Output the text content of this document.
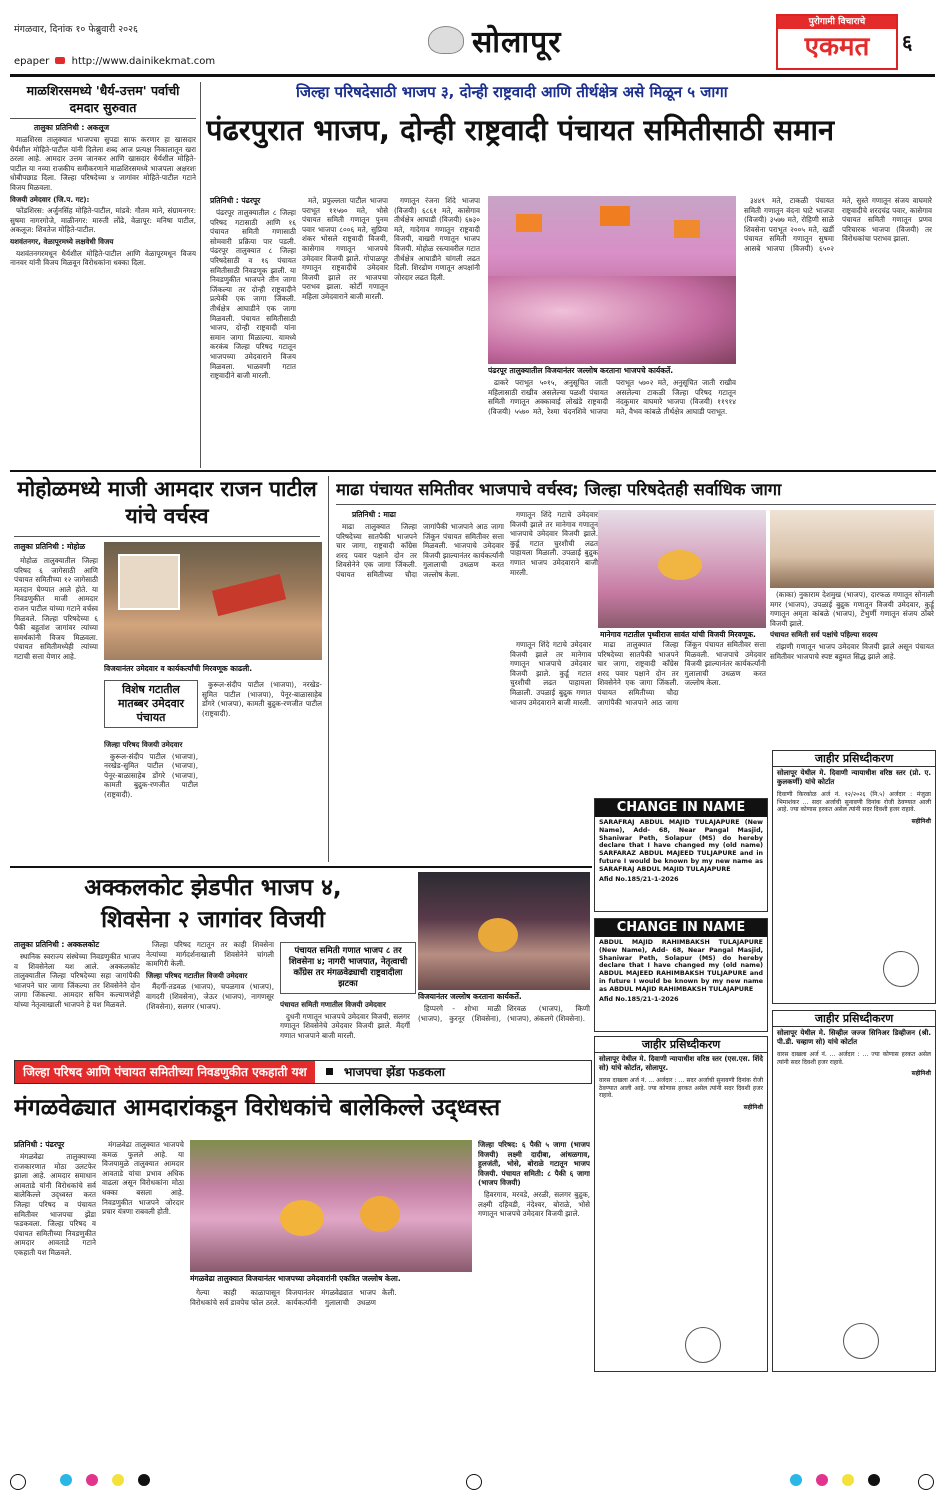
मंगळवार, दिनांक १० फेब्रुवारी २०२६	सोलापूर
पुरोगामी विचाराचे
एकमत	६
epaper http://www.dainikekmat.com
जिल्हा परिषदेसाठी भाजप ३, दोन्ही राष्ट्रवादी आणि तीर्थक्षेत्र असे मिळून ५ जागा
पंढरपुरात भाजप, दोन्ही राष्ट्रवादी पंचायत समितीसाठी समान
माळशिरसमध्ये 'धैर्य-उत्तम' पर्वाची दमदार सुरुवात
तालुका प्रतिनिधी : अकलूज

माळशिरस तालुक्यात भाजपचा सुपडा साफ करणार हा खासदार धैर्यशील मोहिते-पाटील यांनी दिलेला शब्द आज प्रत्यक्ष निकालातून खरा ठरला आहे. आमदार उत्तम जानकर आणि खासदार धैर्यशील मोहिते-पाटील या नव्या राजकीय समीकरणाने माळशिरसमध्ये भाजपला अक्षरशः धोबीपछाड दिला. जिल्हा परिषदेच्या ४ जागांवर मोहिते-पाटील गटाने विजय मिळवला.

विजयी उमेदवार (जि.प. गट):

फोंडशिरस: अर्जुनसिंह मोहिते-पाटील, मांडवे: गौतम माने, संग्रामनगर: सुषमा नागरगोजे, माळीनगर: मारुती लोंढे, वेळापूर: मनिषा पाटील, अकलूज: शिवतेज मोहिते-पाटील.

यशवंतनगर, वेळापूरमध्ये लक्षवेधी विजय

यशवंतनगरमधून धैर्यशील मोहिते-पाटील आणि वेळापूरमधून विजय नानवर यांनी विजय मिळवून विरोधकांना धक्का दिला.

प्रतिनिधी : पंढरपूर

पंढरपूर तालुक्यातील ८ जिल्हा परिषद गटासाठी आणि १६ पंचायत समिती गणासाठी सोमवारी प्रक्रिया पार पडली. पंढरपूर तालुक्यात ८ जिल्हा परिषदेसाठी व १६ पंचायत समितीसाठी निवडणूक झाली. या निवडणुकीत भाजपने तीन जागा जिंकल्या तर दोन्ही राष्ट्रवादीने प्रत्येकी एक जागा जिंकली. तीर्थक्षेत्र आघाडीने एक जागा मिळवली. पंचायत समितीसाठी भाजप, दोन्ही राष्ट्रवादी यांना समान जागा मिळाल्या. यामध्ये करकंब जिल्हा परिषद गटातून भाजपच्या उमेदवाराने विजय मिळवला. भाळवणी गटात राष्ट्रवादीने बाजी मारली.

मते, प्रफुल्लता पाटील भाजपा पराभूत ११५७० मते, भोसे पंचायत समिती गणातून पुनम पवार भाजपा ८००६ मते, सुप्रिया शंकर भोसले राष्ट्रवादी विजयी, कासेगाव गणातून भाजपचे उमेदवार विजयी झाले. गोपाळपूर गणातून राष्ट्रवादीचे उमेदवार विजयी झाले तर भाजपचा पराभव झाला. कोर्टी गणातून महिला उमेदवाराने बाजी मारली.

गणातून रंजना शिंदे भाजपा (विजयी) ६८६१ मते, कासेगाव तीर्थक्षेत्र आघाडी (विजयी) ६७३० मते, गादेगाव गणातून राष्ट्रवादी विजयी, वाखरी गणातून भाजप विजयी. मोहोळ रस्त्यावरील गटात तीर्थक्षेत्र आघाडीने चांगली लढत दिली. शिरढोण गणातून अपक्षांनी जोरदार लढत दिली.

पंढरपूर तालुक्यातील विजयानंतर जल्लोष करताना भाजपचे कार्यकर्ते.

ढाकरे पराभूत ५०१५, अनुसूचित जाती महिलासाठी राखीव असलेल्या पळशी पंचायत समिती गणातून अक्कावाई लोखंडे राष्ट्रवादी (विजयी) ५५७० मते, रेश्मा चंदनशिवे भाजपा पराभूत ५७०२ मते, अनुसूचित जाती राखीव असलेल्या टाकळी जिल्हा परिषद गटातून नंदकुमार वाघमारे भाजपा (विजयी) ११९१४ मते, वैभव कांबळे तीर्थक्षेत्र आघाडी पराभूत.

३४४९ मते, टाकळी पंचायत समिती गणातून वंदना घाटे भाजपा (विजयी) ३५७७ मते, रोहिणी साळे शिवसेना पराभूत २००५ मते, खर्डी पंचायत समिती गणातून सुषमा आसबे भाजपा (विजयी) ६५०२ मते, सुस्ते गणातून संजय वाघमारे राष्ट्रवादीचे शरदचंद्र पवार, कासेगाव पंचायत समिती गणातून प्रणव परिचारक भाजपा (विजयी) तर विरोधकांचा पराभव झाला.

मोहोळमध्ये माजी आमदार राजन पाटील यांचे वर्चस्व
तालुका प्रतिनिधी : मोहोळ

मोहोळ तालुक्यातील जिल्हा परिषद ६ जागेसाठी आणि पंचायत समितीच्या १२ जागेसाठी मतदान घेण्यात आले होते. या निवडणुकीत माजी आमदार राजन पाटील यांच्या गटाने वर्चस्व मिळवले. जिल्हा परिषदेच्या ६ पैकी बहुतांश जागांवर त्यांच्या समर्थकांनी विजय मिळवला. पंचायत समितीमध्येही त्यांच्या गटाची सत्ता येणार आहे.

विजयानंतर उमेदवार व कार्यकर्त्यांची मिरवणूक काढली.
विशेष गटातील मातब्बर उमेदवार पंचायत

जिल्हा परिषद विजयी उमेदवार

कुरूल-संदीप पाटील (भाजपा), नरखेड-सुमित पाटील (भाजपा), पेनूर-बाळासाहेब डोंगरे (भाजपा), कामती बुद्रुक-रणजीत पाटील (राष्ट्रवादी).

कुरूल-संदीप पाटील (भाजपा), नरखेड-सुमित पाटील (भाजपा), पेनूर-बाळासाहेब डोंगरे (भाजपा), कामती बुद्रुक-रणजीत पाटील (राष्ट्रवादी).

माढा पंचायत समितीवर भाजपाचे वर्चस्व; जिल्हा परिषदेतही सर्वाधिक जागा
प्रतिनिधी : माढा

माढा तालुक्यात जिल्हा परिषदेच्या सातपैकी भाजपने चार जागा, राष्ट्रवादी काँग्रेस शरद पवार पक्षाने दोन तर शिवसेनेने एक जागा जिंकली. पंचायत समितीच्या चौदा जागांपैकी भाजपाने आठ जागा जिंकून पंचायत समितीवर सत्ता मिळवली. भाजपाचे उमेदवार विजयी झाल्यानंतर कार्यकर्त्यांनी गुलालाची उधळण करत जल्लोष केला.

गणातून शिंदे गटाचे उमेदवार विजयी झाले तर मानेगाव गणातून भाजपाचे उमेदवार विजयी झाले. कुर्डू गटात चुरशीची लढत पाहायला मिळाली. उपळाई बुद्रुक गणात भाजप उमेदवाराने बाजी मारली.

मानेगाव गटातील पृथ्वीराज सावंत यांची विजयी मिरवणूक.

गणातून शिंदे गटाचे उमेदवार विजयी झाले तर मानेगाव गणातून भाजपाचे उमेदवार विजयी झाले. कुर्डू गटात चुरशीची लढत पाहायला मिळाली. उपळाई बुद्रुक गणात भाजप उमेदवाराने बाजी मारली.

माढा तालुक्यात जिल्हा परिषदेच्या सातपैकी भाजपने चार जागा, राष्ट्रवादी काँग्रेस शरद पवार पक्षाने दोन तर शिवसेनेने एक जागा जिंकली. पंचायत समितीच्या चौदा जागांपैकी भाजपाने आठ जागा जिंकून पंचायत समितीवर सत्ता मिळवली. भाजपाचे उमेदवार विजयी झाल्यानंतर कार्यकर्त्यांनी गुलालाची उधळण करत जल्लोष केला.

(काका) नुकाराम देशमुख (भाजप), दारफळ गणातून सोनाली मगर (भाजप), उपळाई बुद्रुक गणातून विजयी उमेदवार, कुर्डू गणातून अमृता कांबळे (भाजप), टेंभुर्णी गणातून संजय ठोंबरे विजयी झाले.

पंचायत समिती सर्व पक्षांचे पहिल्या सदस्य

रांझणी गणातून भाजप उमेदवार विजयी झाले असून पंचायत समितीवर भाजपाचे स्पष्ट बहुमत सिद्ध झाले आहे.

CHANGE IN NAME
SARAFRAJ ABDUL MAJID TULAJAPURE (New Name), Add- 68, Near Pangal Masjid, Shaniwar Peth, Solapur (MS) do hereby declare that I have changed my (old name) SARFARAZ ABDUL MAJEED TULJAPURE and in future I would be known by my new name as SARAFRAJ ABDUL MAJID TULAJAPURE
Afid No.185/21-1-2026
CHANGE IN NAME
ABDUL MAJID RAHIMBAKSH TULAJAPURE (New Name), Add- 68, Near Pangal Masjid, Shaniwar Peth, Solapur (MS) do hereby declare that I have changed my (old name) ABDUL MAJEED RAHIMBAKSH TULJAPURE and in future I would be known by my new name as ABDUL MAJID RAHIMBAKSH TULAJAPURE
Afid No.185/21-1-2026
जाहीर प्रसिध्दीकरण
सोलापूर येथील मे. दिवाणी न्यायाधीश वरिष्ठ स्तर (प्रो. ए. कुलकर्णी) यांचे कोर्टात
दिवाणी किरकोळ अर्ज नं. १२/२०२६ (नि.५) अर्जदार : मंजुळा भिमाशंकर ... सदर अर्जाची सुनावणी दिनांक रोजी ठेवण्यात आली आहे. ज्या कोणास हरकत असेल त्यांनी सदर दिवशी हजर राहावे.
सहीनिशी
जाहीर प्रसिध्दीकरण
सोलापूर येथील मे. दिवाणी न्यायाधीश वरिष्ठ स्तर (एस.एस. शिंदे सो) यांचे कोर्टात, सोलापूर.
वारस दाखला अर्ज नं. ... अर्जदार : ... सदर अर्जाची सुनावणी दिनांक रोजी ठेवण्यात आली आहे. ज्या कोणास हरकत असेल त्यांनी सदर दिवशी हजर राहावे.
सहीनिशी
जाहीर प्रसिध्दीकरण
सोलापूर येथील मे. सिव्हील जज्ज सिनिअर डिव्हीजन (श्री. पी.डी. चव्हाण सो) यांचे कोर्टात
वारस दाखला अर्ज नं. ... अर्जदार : ... ज्या कोणास हरकत असेल त्यांनी सदर दिवशी हजर राहावे.
सहीनिशी
अक्कलकोट झेडपीत भाजप ४,
शिवसेना २ जागांवर विजयी
तालुका प्रतिनिधी : अक्कलकोट

स्थानिक स्वराज्य संस्थेच्या निवडणुकीत भाजप व शिवसेनेला यश आले. अक्कलकोट तालुक्यातील जिल्हा परिषदेच्या सहा जागांपैकी भाजपने चार जागा जिंकल्या तर शिवसेनेने दोन जागा जिंकल्या. आमदार सचिन कल्याणशेट्टी यांच्या नेतृत्वाखाली भाजपने हे यश मिळवले.

जिल्हा परिषद गटातून तर काही शिवसेना नेत्यांच्या मार्गदर्शनाखाली शिवसेनेने चांगली कामगिरी केली.

जिल्हा परिषद गटातील विजयी उमेदवार

मैंदर्गी-तडवळ (भाजप), चपळगाव (भाजप), वागदरी (शिवसेना), जेऊर (भाजप), नागणसूर (शिवसेना), सलगर (भाजप).

पंचायत समिती गणात भाजप ८ तर शिवसेना ४; नागरी भाजपात, नेतृत्वाची काँग्रेस तर मंगळवेढ्याची राष्ट्रवादीला झटका

पंचायत समिती गणातील विजयी उमेदवार

दुधनी गणातून भाजपचे उमेदवार विजयी, सलगर गणातून शिवसेनेचे उमेदवार विजयी झाले. मैंदर्गी गणात भाजपाने बाजी मारली.

विजयानंतर जल्लोष करताना कार्यकर्ते.

हिप्परगे - शोभा माळी (भाजप), कुरनूर (शिवसेना), शिरवळ (भाजप), किणी (भाजप), अंकलगे (शिवसेना).

जिल्हा परिषद आणि पंचायत समितीच्या निवडणुकीत एकहाती यश	भाजपचा झेंडा फडकला
मंगळवेढ्यात आमदारांकडून विरोधकांचे बालेकिल्ले उद्ध्वस्त
प्रतिनिधी : पंढरपूर

मंगळवेढा तालुक्याच्या राजकारणात मोठा उलटफेर झाला आहे. आमदार समाधान आवताडे यांनी विरोधकांचे सर्व बालेकिल्ले उद्ध्वस्त करत जिल्हा परिषद व पंचायत समितीवर भाजपचा झेंडा फडकवला. जिल्हा परिषद व पंचायत समितीच्या निवडणुकीत आमदार आवताडे गटाने एकहाती यश मिळवले.

मंगळवेढा तालुक्यात भाजपचे कमळ फुलले आहे. या विजयामुळे तालुक्यात आमदार आवताडे यांचा प्रभाव अधिक वाढला असून विरोधकांना मोठा धक्का बसला आहे. निवडणुकीत भाजपने जोरदार प्रचार यंत्रणा राबवली होती.

मंगळवेढा तालुक्यात विजयानंतर भाजपच्या उमेदवारांनी एकत्रित जल्लोष केला.

गेल्या काही काळापासून विरोधकांचे सर्व डावपेच फोल ठरले. विजयानंतर मंगळवेढ्यात भाजप कार्यकर्त्यांनी गुलालाची उधळण केली.

जिल्हा परिषद: ६ पैकी ५ जागा (भाजप विजयी) लक्ष्मी दादीबा, आंधळगाव, हुलजंती, भोसे, बोराळे गटातून भाजप विजयी. पंचायत समिती: ८ पैकी ६ जागा (भाजप विजयी)

हिवरगाव, मरवडे, अरळी, सलगर बुद्रुक, लक्ष्मी दहिवडी, नंदेश्वर, बोराळे, भोसे गणातून भाजपचे उमेदवार विजयी झाले.
